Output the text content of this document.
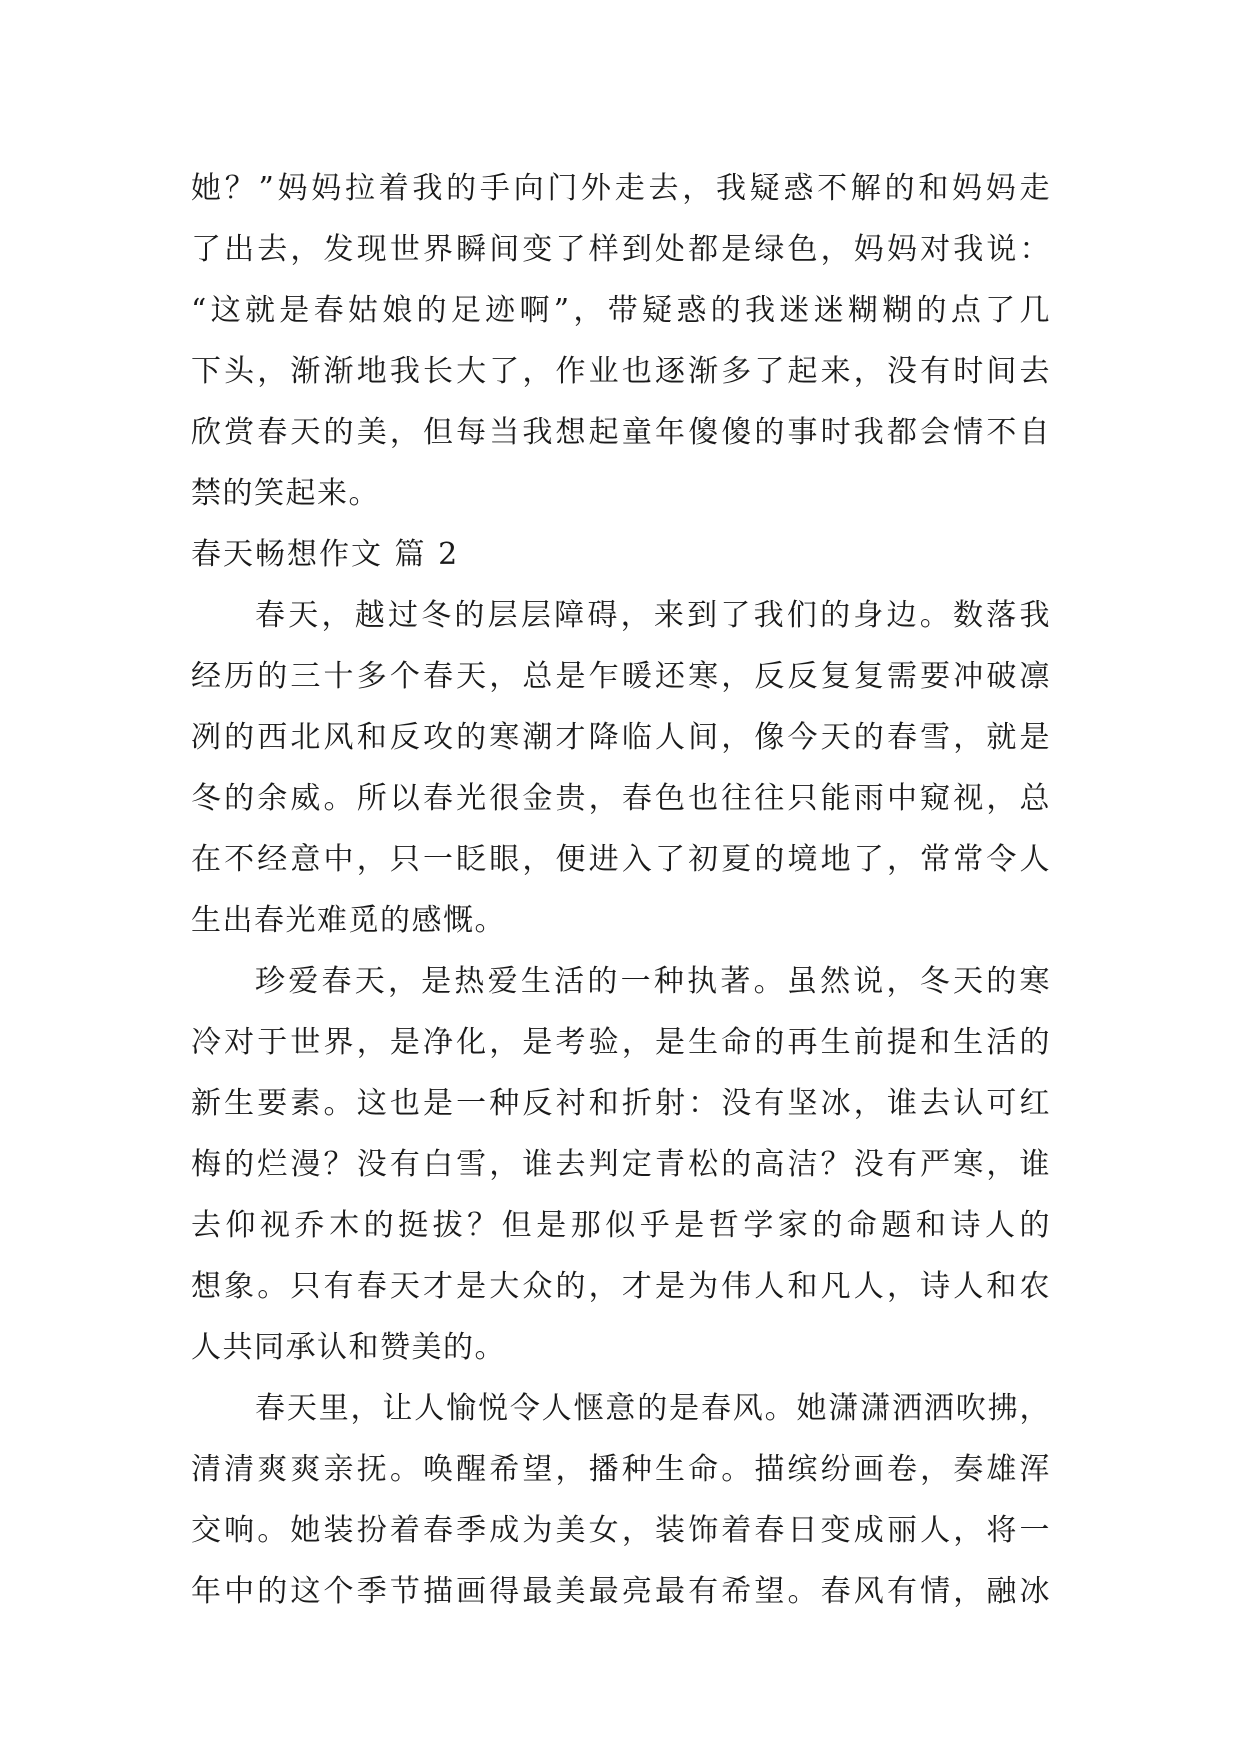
她？”妈妈拉着我的手向门外走去，我疑惑不解的和妈妈走
了出去，发现世界瞬间变了样到处都是绿色，妈妈对我说：
“这就是春姑娘的足迹啊”，带疑惑的我迷迷糊糊的点了几
下头，渐渐地我长大了，作业也逐渐多了起来，没有时间去
欣赏春天的美，但每当我想起童年傻傻的事时我都会情不自
禁的笑起来。
春天畅想作文 篇 2
春天，越过冬的层层障碍，来到了我们的身边。数落我
经历的三十多个春天，总是乍暖还寒，反反复复需要冲破凛
冽的西北风和反攻的寒潮才降临人间，像今天的春雪，就是
冬的余威。所以春光很金贵，春色也往往只能雨中窥视，总
在不经意中，只一眨眼，便进入了初夏的境地了，常常令人
生出春光难觅的感慨。
珍爱春天，是热爱生活的一种执著。虽然说，冬天的寒
冷对于世界，是净化，是考验，是生命的再生前提和生活的
新生要素。这也是一种反衬和折射：没有坚冰，谁去认可红
梅的烂漫？没有白雪，谁去判定青松的高洁？没有严寒，谁
去仰视乔木的挺拔？但是那似乎是哲学家的命题和诗人的
想象。只有春天才是大众的，才是为伟人和凡人，诗人和农
人共同承认和赞美的。
春天里，让人愉悦令人惬意的是春风。她潇潇洒洒吹拂，
清清爽爽亲抚。唤醒希望，播种生命。描缤纷画卷，奏雄浑
交响。她装扮着春季成为美女，装饰着春日变成丽人，将一
年中的这个季节描画得最美最亮最有希望。春风有情，融冰
